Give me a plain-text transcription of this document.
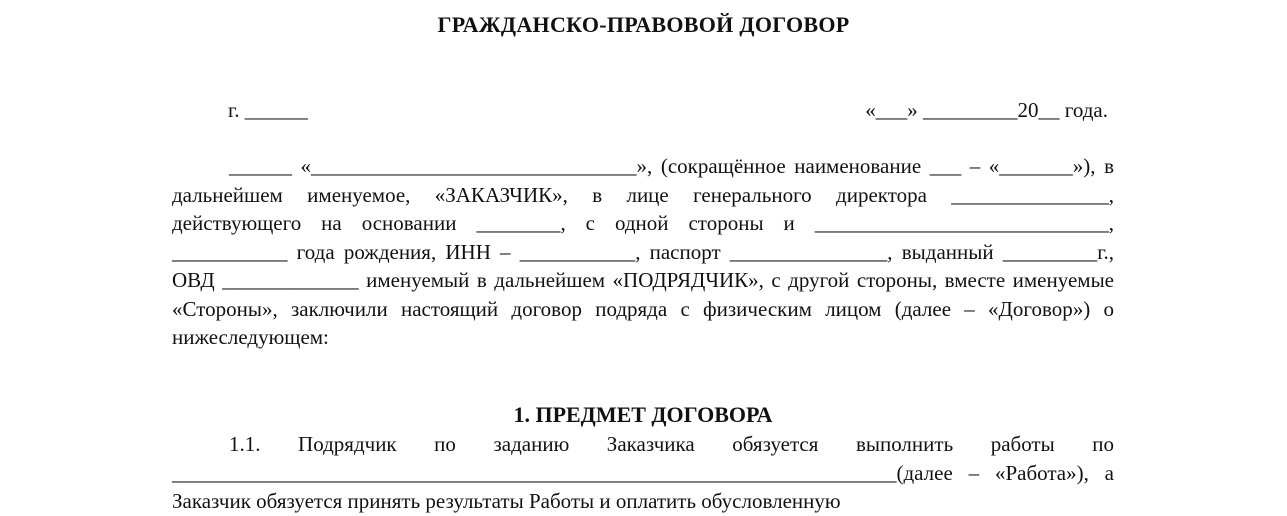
ГРАЖДАНСКО-ПРАВОВОЙ ДОГОВОР
г. ______	«___» _________20__ года.

______ «_______________________________», (сокращённое наименование ___ – «_______»), в дальнейшем именуемое, «ЗАКАЗЧИК», в лице генерального директора _______________, действующего на основании ________, с одной стороны и ____________________________, ___________ года рождения, ИНН – ___________, паспорт _______________, выданный _________г., ОВД _____________ именуемый в дальнейшем «ПОДРЯДЧИК», с другой стороны, вместе именуемые «Стороны», заключили настоящий договор подряда с физическим лицом (далее – «Договор») о нижеследующем:

1. ПРЕДМЕТ ДОГОВОРА

1.1. Подрядчик по заданию Заказчика обязуется выполнить работы по _____________________________________________________________________(далее – «Работа»), а Заказчик обязуется принять результаты Работы и оплатить обусловленную
